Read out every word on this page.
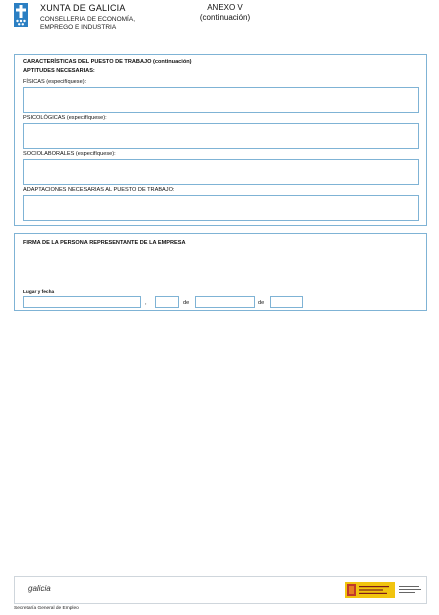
XUNTA DE GALICIA
CONSELLERIA DE ECONOMÍA,
EMPREGO E INDUSTRIA
ANEXO V
(continuación)
CARACTERÍSTICAS DEL PUESTO DE TRABAJO (continuación)
APTITUDES NECESARIAS:
FÍSICAS (especifíquese):
PSICOLÓGICAS (especifíquese):
SOCIOLABORALES (especifíquese):
ADAPTACIONES NECESARIAS AL PUESTO DE TRABAJO:
FIRMA DE LA PERSONA REPRESENTANTE DE LA EMPRESA
Lugar y fecha
,	de	de
galicia
Secretaría General de Empleo
